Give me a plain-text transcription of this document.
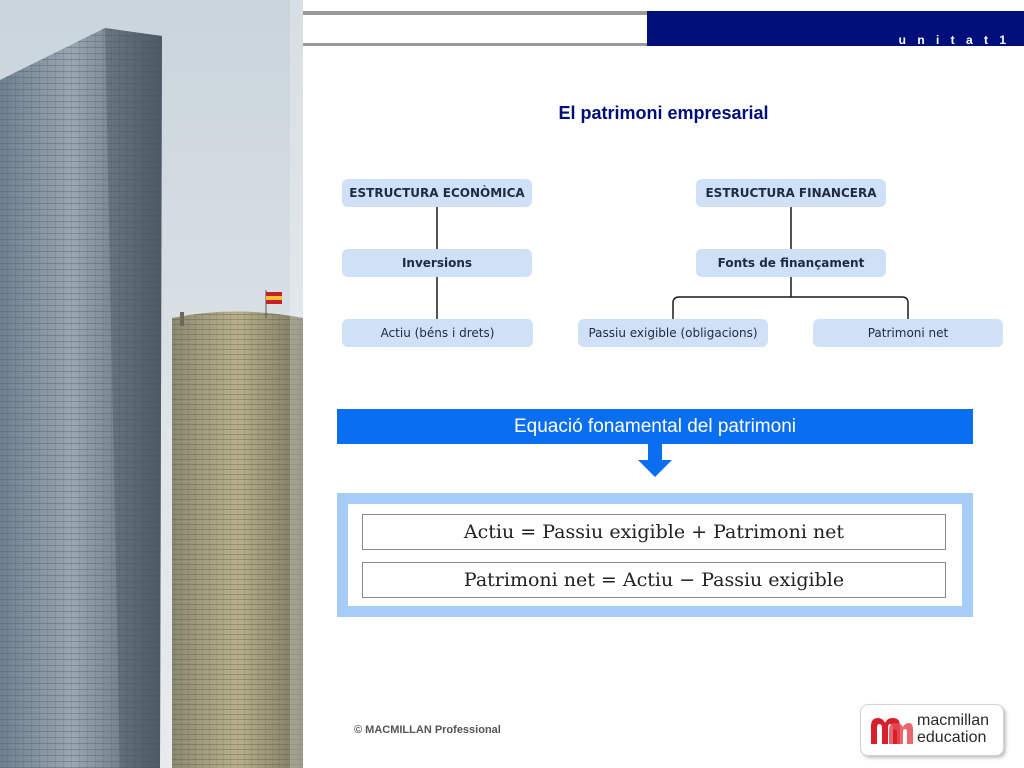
u n i t a t 1
El patrimoni empresarial
ESTRUCTURA ECONÒMICA
Inversions
Actiu (béns i drets)
ESTRUCTURA FINANCERA
Fonts de finançament
Passiu exigible (obligacions)	Patrimoni net
Equació fonamental del patrimoni
Actiu = Passiu exigible + Patrimoni net
Patrimoni net = Actiu − Passiu exigible
© MACMILLAN Professional
macmillan
education
